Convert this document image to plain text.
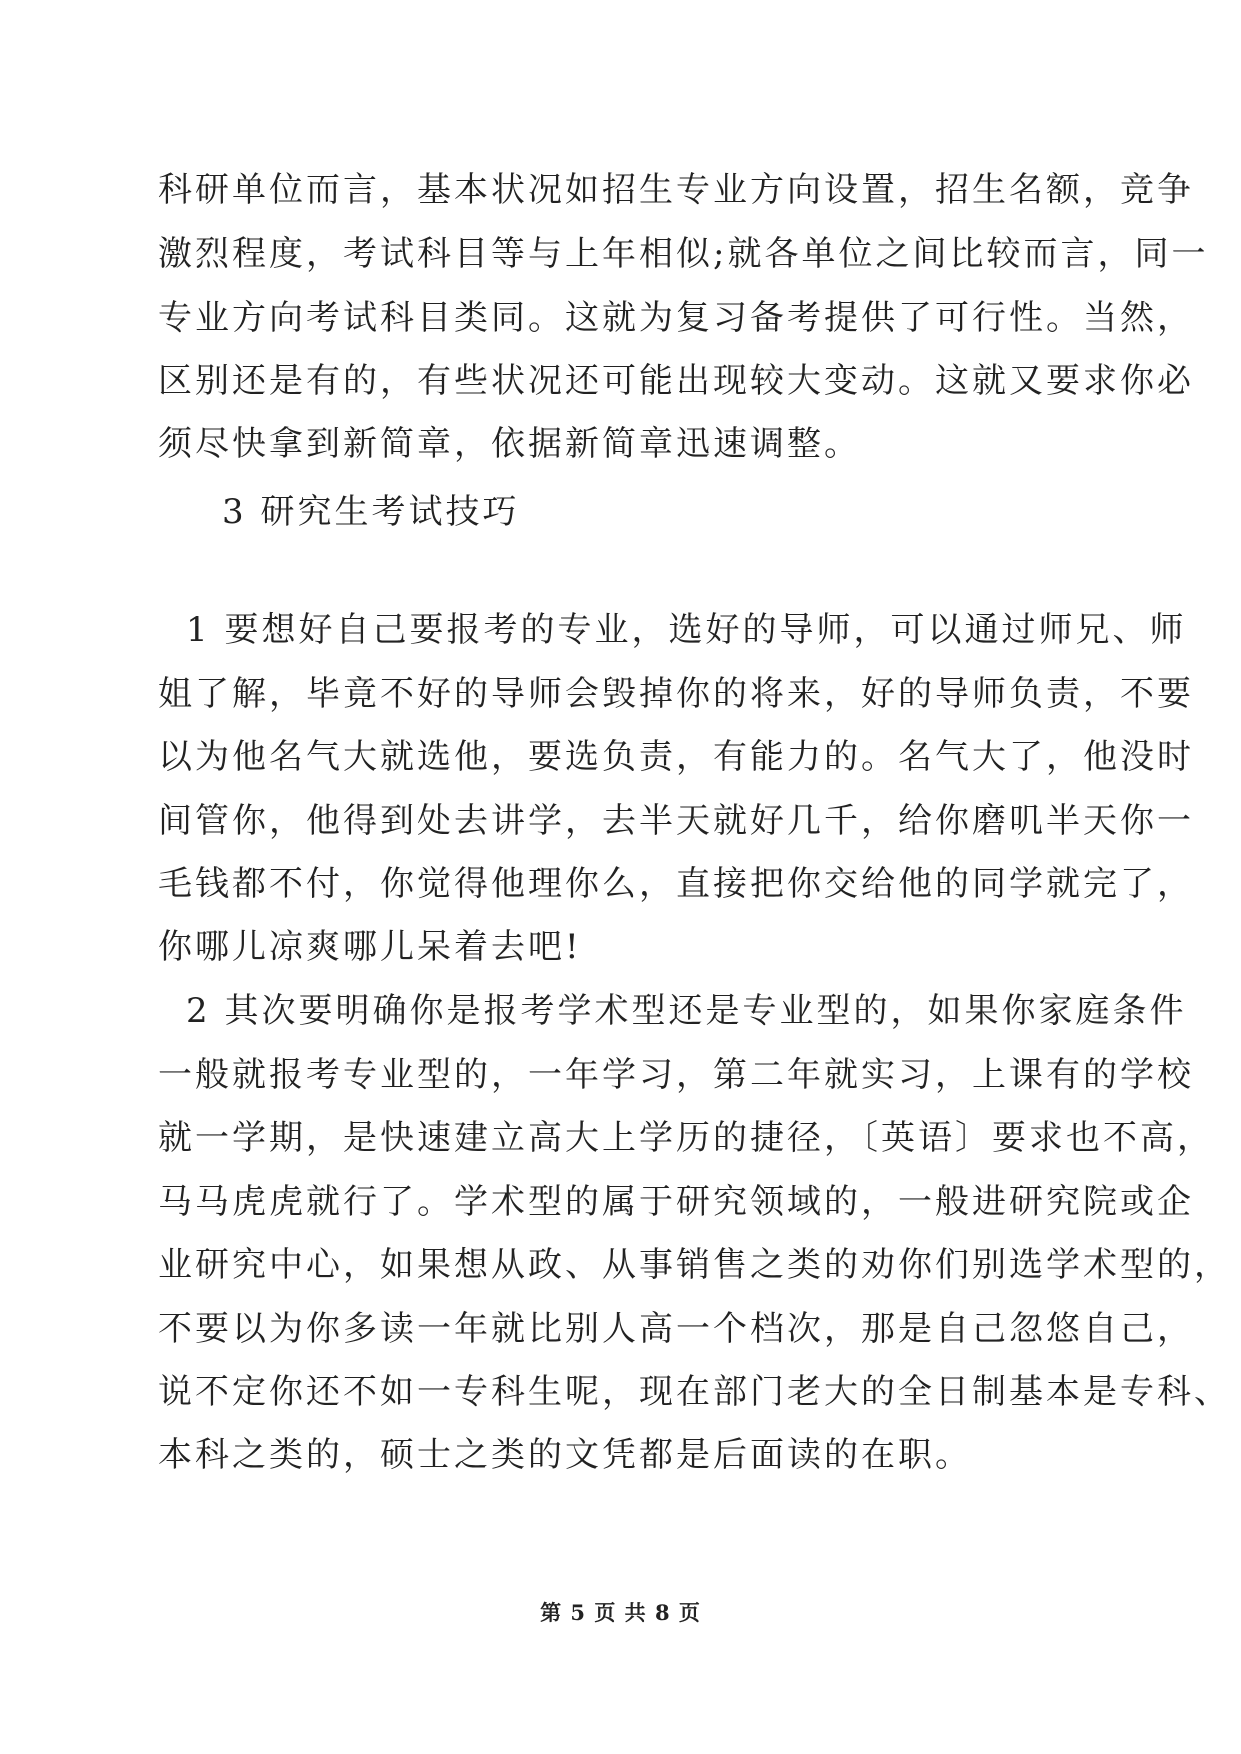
科研单位而言，基本状况如招生专业方向设置，招生名额，竞争
激烈程度，考试科目等与上年相似;就各单位之间比较而言，同一
专业方向考试科目类同。这就为复习备考提供了可行性。当然，
区别还是有的，有些状况还可能出现较大变动。这就又要求你必
须尽快拿到新简章，依据新简章迅速调整。
3 研究生考试技巧
1 要想好自己要报考的专业，选好的导师，可以通过师兄、师
姐了解，毕竟不好的导师会毁掉你的将来，好的导师负责，不要
以为他名气大就选他，要选负责，有能力的。名气大了，他没时
间管你，他得到处去讲学，去半天就好几千，给你磨叽半天你一
毛钱都不付，你觉得他理你么，直接把你交给他的同学就完了，
你哪儿凉爽哪儿呆着去吧!
2 其次要明确你是报考学术型还是专业型的，如果你家庭条件
一般就报考专业型的，一年学习，第二年就实习，上课有的学校
就一学期，是快速建立高大上学历的捷径，〔英语〕要求也不高，
马马虎虎就行了。学术型的属于研究领域的，一般进研究院或企
业研究中心，如果想从政、从事销售之类的劝你们别选学术型的，
不要以为你多读一年就比别人高一个档次，那是自己忽悠自己，
说不定你还不如一专科生呢，现在部门老大的全日制基本是专科、
本科之类的，硕士之类的文凭都是后面读的在职。
第 5 页 共 8 页
